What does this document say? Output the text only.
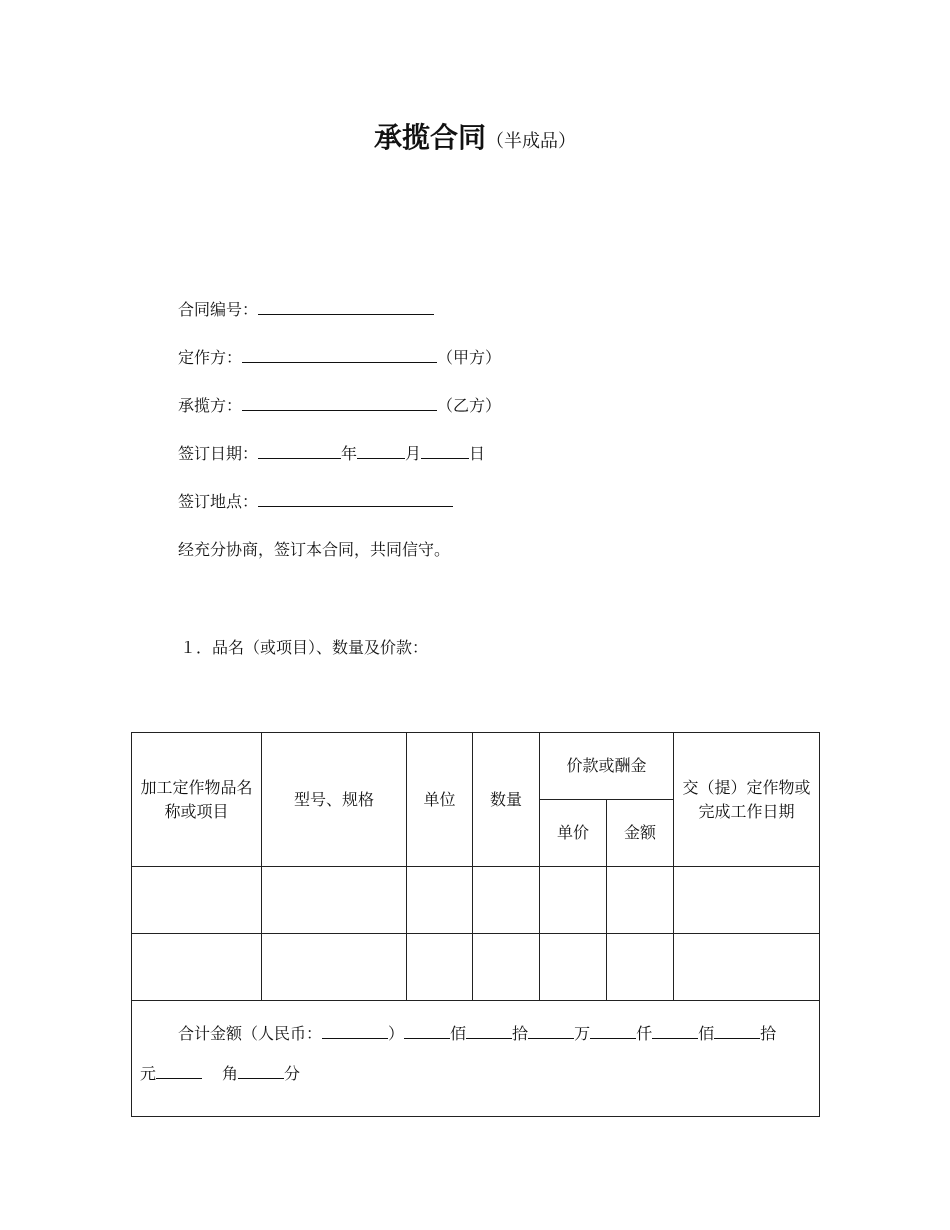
承揽合同（半成品）
合同编号：
定作方：	（甲方）
承揽方：	（乙方）
签订日期：	年	月	日
签订地点：
经充分协商，签订本合同，共同信守。
１．品名（或项目）、数量及价款：
加工定作物品名称或项目	型号、规格	单位	数量	价款或酬金		交（提）定作物或完成工作日期
				单价	金额	

合计金额（人民币： ） 佰 拾 万 仟 佰 拾
元 角 分						
